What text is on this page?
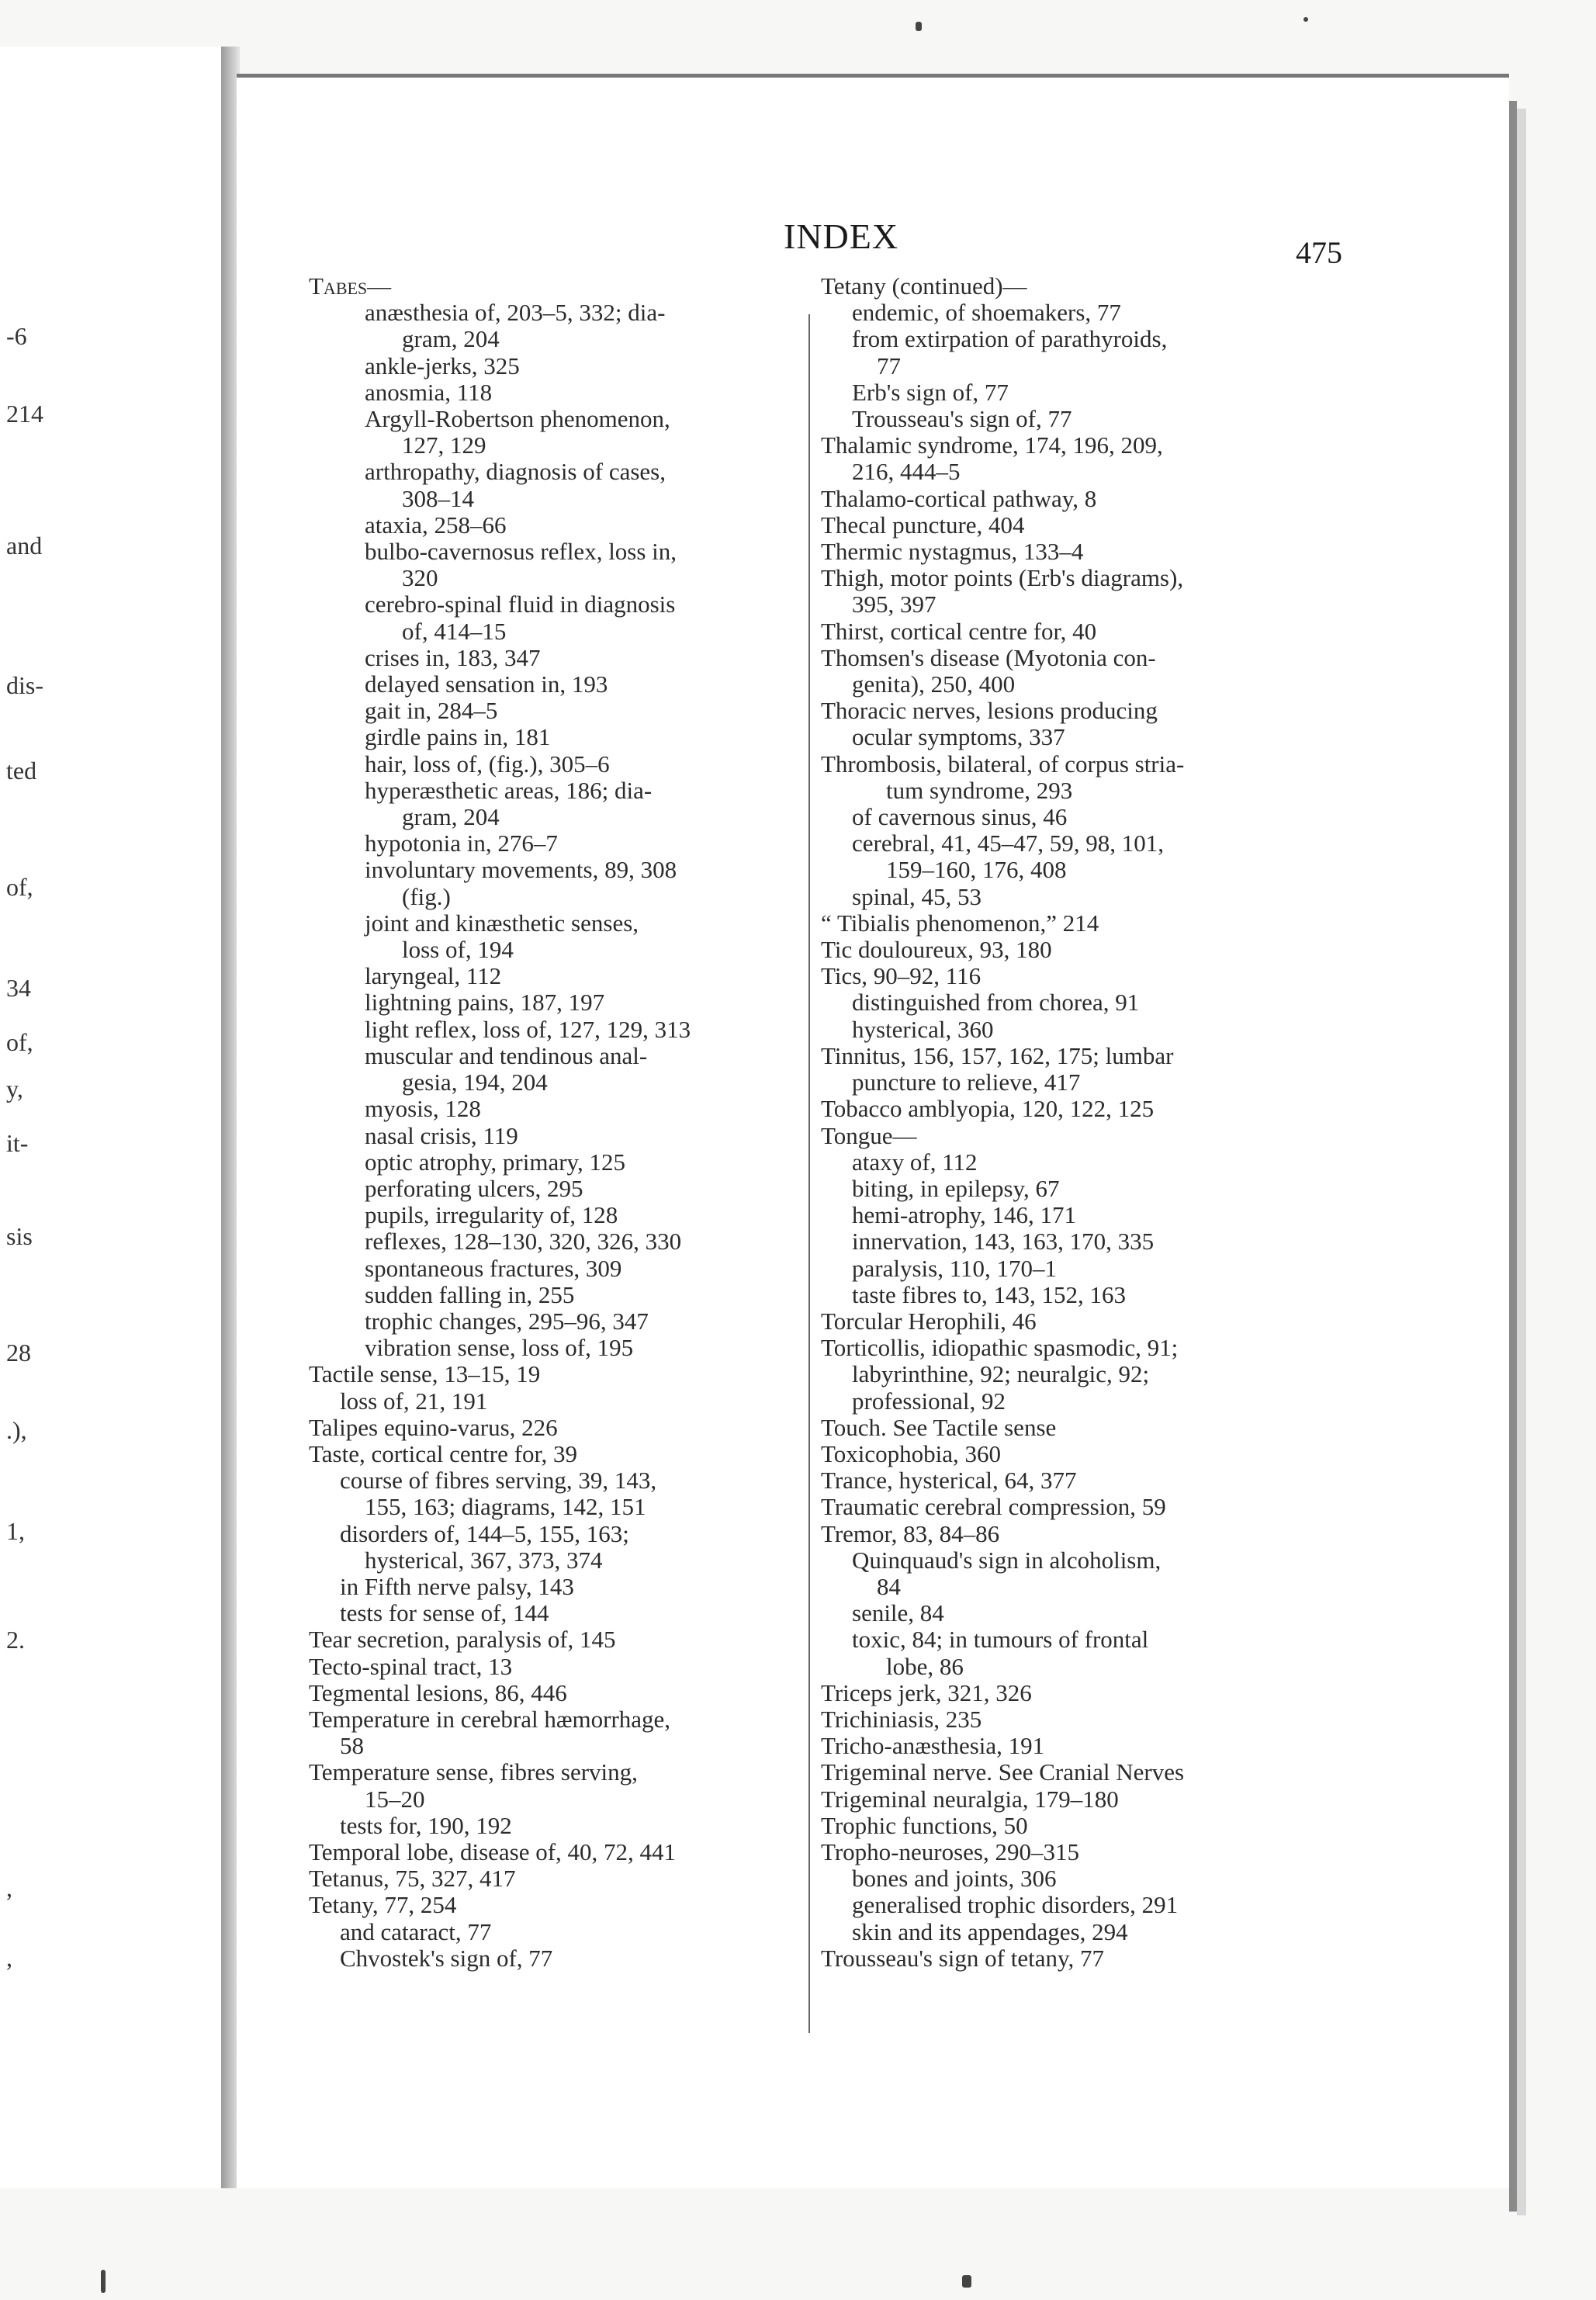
-6
214
and
dis-
ted
of,
34
of,
y,
it-
sis
28
.),
1,
2.
,
,
INDEX	475
Tabes—
anæsthesia of, 203–5, 332; dia-
gram, 204
ankle-jerks, 325
anosmia, 118
Argyll-Robertson phenomenon,
127, 129
arthropathy, diagnosis of cases,
308–14
ataxia, 258–66
bulbo-cavernosus reflex, loss in,
320
cerebro-spinal fluid in diagnosis
of, 414–15
crises in, 183, 347
delayed sensation in, 193
gait in, 284–5
girdle pains in, 181
hair, loss of, (fig.), 305–6
hyperæsthetic areas, 186; dia-
gram, 204
hypotonia in, 276–7
involuntary movements, 89, 308
(fig.)
joint and kinæsthetic senses,
loss of, 194
laryngeal, 112
lightning pains, 187, 197
light reflex, loss of, 127, 129, 313
muscular and tendinous anal-
gesia, 194, 204
myosis, 128
nasal crisis, 119
optic atrophy, primary, 125
perforating ulcers, 295
pupils, irregularity of, 128
reflexes, 128–130, 320, 326, 330
spontaneous fractures, 309
sudden falling in, 255
trophic changes, 295–96, 347
vibration sense, loss of, 195
Tactile sense, 13–15, 19
loss of, 21, 191
Talipes equino-varus, 226
Taste, cortical centre for, 39
course of fibres serving, 39, 143,
155, 163; diagrams, 142, 151
disorders of, 144–5, 155, 163;
hysterical, 367, 373, 374
in Fifth nerve palsy, 143
tests for sense of, 144
Tear secretion, paralysis of, 145
Tecto-spinal tract, 13
Tegmental lesions, 86, 446
Temperature in cerebral hæmorrhage,
58
Temperature sense, fibres serving,
15–20
tests for, 190, 192
Temporal lobe, disease of, 40, 72, 441
Tetanus, 75, 327, 417
Tetany, 77, 254
and cataract, 77
Chvostek's sign of, 77
Tetany (continued)—
endemic, of shoemakers, 77
from extirpation of parathyroids,
77
Erb's sign of, 77
Trousseau's sign of, 77
Thalamic syndrome, 174, 196, 209,
216, 444–5
Thalamo-cortical pathway, 8
Thecal puncture, 404
Thermic nystagmus, 133–4
Thigh, motor points (Erb's diagrams),
395, 397
Thirst, cortical centre for, 40
Thomsen's disease (Myotonia con-
genita), 250, 400
Thoracic nerves, lesions producing
ocular symptoms, 337
Thrombosis, bilateral, of corpus stria-
tum syndrome, 293
of cavernous sinus, 46
cerebral, 41, 45–47, 59, 98, 101,
159–160, 176, 408
spinal, 45, 53
“ Tibialis phenomenon,” 214
Tic douloureux, 93, 180
Tics, 90–92, 116
distinguished from chorea, 91
hysterical, 360
Tinnitus, 156, 157, 162, 175; lumbar
puncture to relieve, 417
Tobacco amblyopia, 120, 122, 125
Tongue—
ataxy of, 112
biting, in epilepsy, 67
hemi-atrophy, 146, 171
innervation, 143, 163, 170, 335
paralysis, 110, 170–1
taste fibres to, 143, 152, 163
Torcular Herophili, 46
Torticollis, idiopathic spasmodic, 91;
labyrinthine, 92; neuralgic, 92;
professional, 92
Touch. See Tactile sense
Toxicophobia, 360
Trance, hysterical, 64, 377
Traumatic cerebral compression, 59
Tremor, 83, 84–86
Quinquaud's sign in alcoholism,
84
senile, 84
toxic, 84; in tumours of frontal
lobe, 86
Triceps jerk, 321, 326
Trichiniasis, 235
Tricho-anæsthesia, 191
Trigeminal nerve. See Cranial Nerves
Trigeminal neuralgia, 179–180
Trophic functions, 50
Tropho-neuroses, 290–315
bones and joints, 306
generalised trophic disorders, 291
skin and its appendages, 294
Trousseau's sign of tetany, 77
